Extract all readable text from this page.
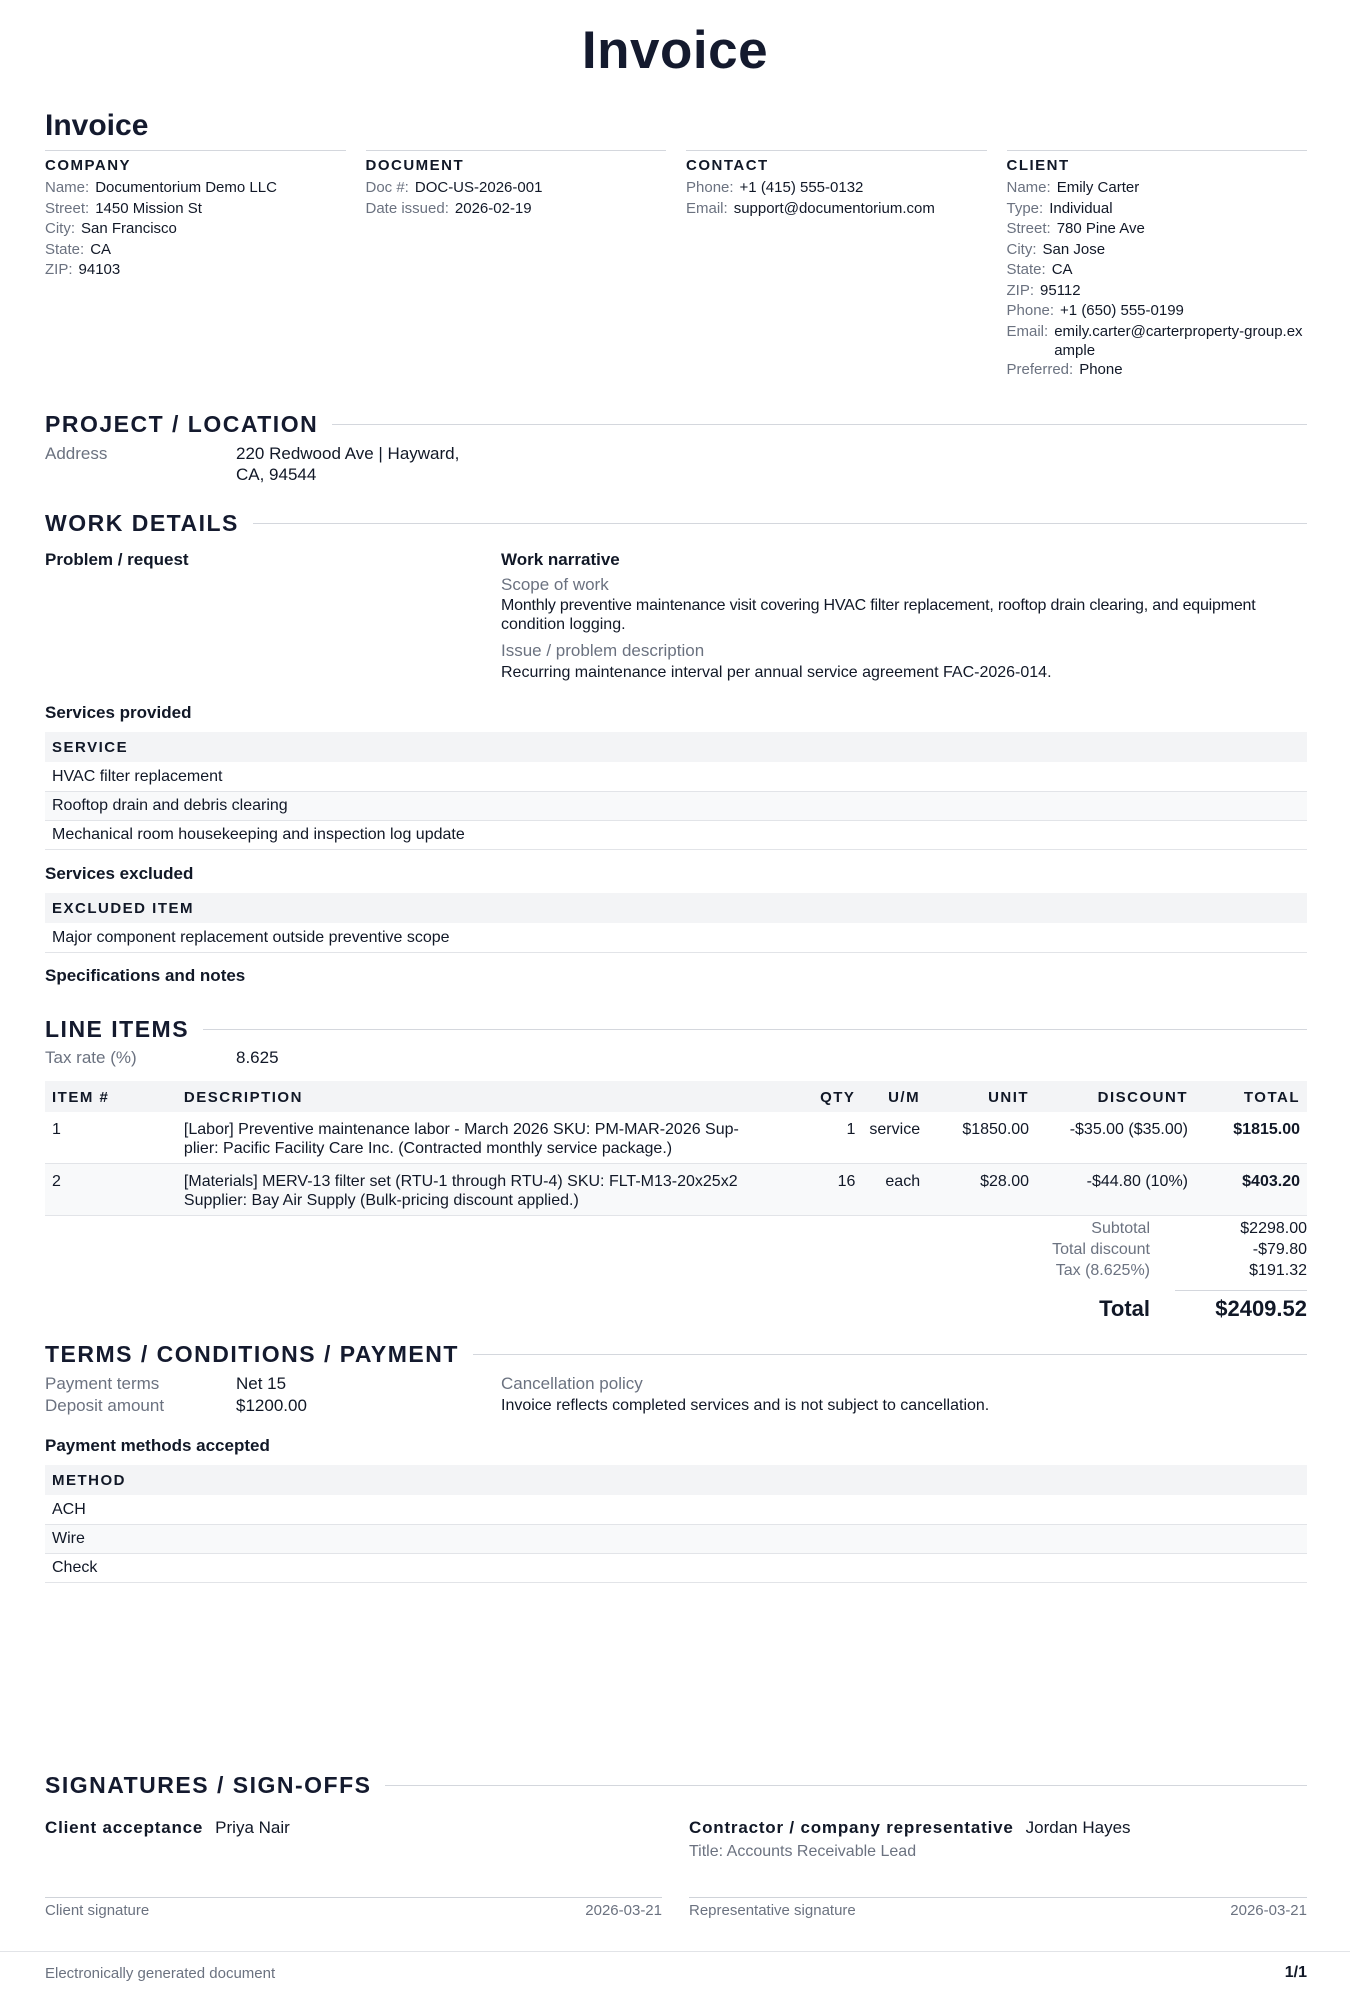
Invoice
Invoice
COMPANY
Name: Documentorium Demo LLC
Street: 1450 Mission St
City: San Francisco
State: CA
ZIP: 94103
DOCUMENT
Doc #: DOC-US-2026-001
Date issued: 2026-02-19
CONTACT
Phone: +1 (415) 555-0132
Email: support@documentorium.com
CLIENT
Name: Emily Carter
Type: Individual
Street: 780 Pine Ave
City: San Jose
State: CA
ZIP: 95112
Phone: +1 (650) 555-0199
Email: emily.carter@carterproperty-group.example
Preferred: Phone
PROJECT / LOCATION
Address	220 Redwood Ave | Hayward,
CA, 94544
WORK DETAILS
Problem / request	Work narrative
Scope of work
Monthly preventive maintenance visit covering HVAC filter replacement, rooftop drain clearing, and equipment
condition logging.
Issue / problem description
Recurring maintenance interval per annual service agreement FAC-2026-014.
Services provided
SERVICE
HVAC filter replacement
Rooftop drain and debris clearing
Mechanical room housekeeping and inspection log update
Services excluded
EXCLUDED ITEM
Major component replacement outside preventive scope
Specifications and notes
LINE ITEMS
Tax rate (%)	8.625
ITEM #	DESCRIPTION	QTY	U/M	UNIT	DISCOUNT	TOTAL
1	[Labor] Preventive maintenance labor - March 2026 SKU: PM-MAR-2026 Sup-
plier: Pacific Facility Care Inc. (Contracted monthly service package.)	1	service	$1850.00	-$35.00 ($35.00)	$1815.00
2	[Materials] MERV-13 filter set (RTU-1 through RTU-4) SKU: FLT-M13-20x25x2
Supplier: Bay Air Supply (Bulk-pricing discount applied.)	16	each	$28.00	-$44.80 (10%)	$403.20
Subtotal	$2298.00
Total discount	-$79.80
Tax (8.625%)	$191.32
Total	$2409.52
TERMS / CONDITIONS / PAYMENT
Payment terms	Net 15
Deposit amount	$1200.00
Cancellation policy
Invoice reflects completed services and is not subject to cancellation.
Payment methods accepted
METHOD
ACH
Wire
Check
SIGNATURES / SIGN-OFFS
Client acceptance Priya Nair	Contractor / company representative Jordan Hayes
Title: Accounts Receivable Lead
Client signature	2026-03-21 Representative signature	2026-03-21
Electronically generated document	1/1
